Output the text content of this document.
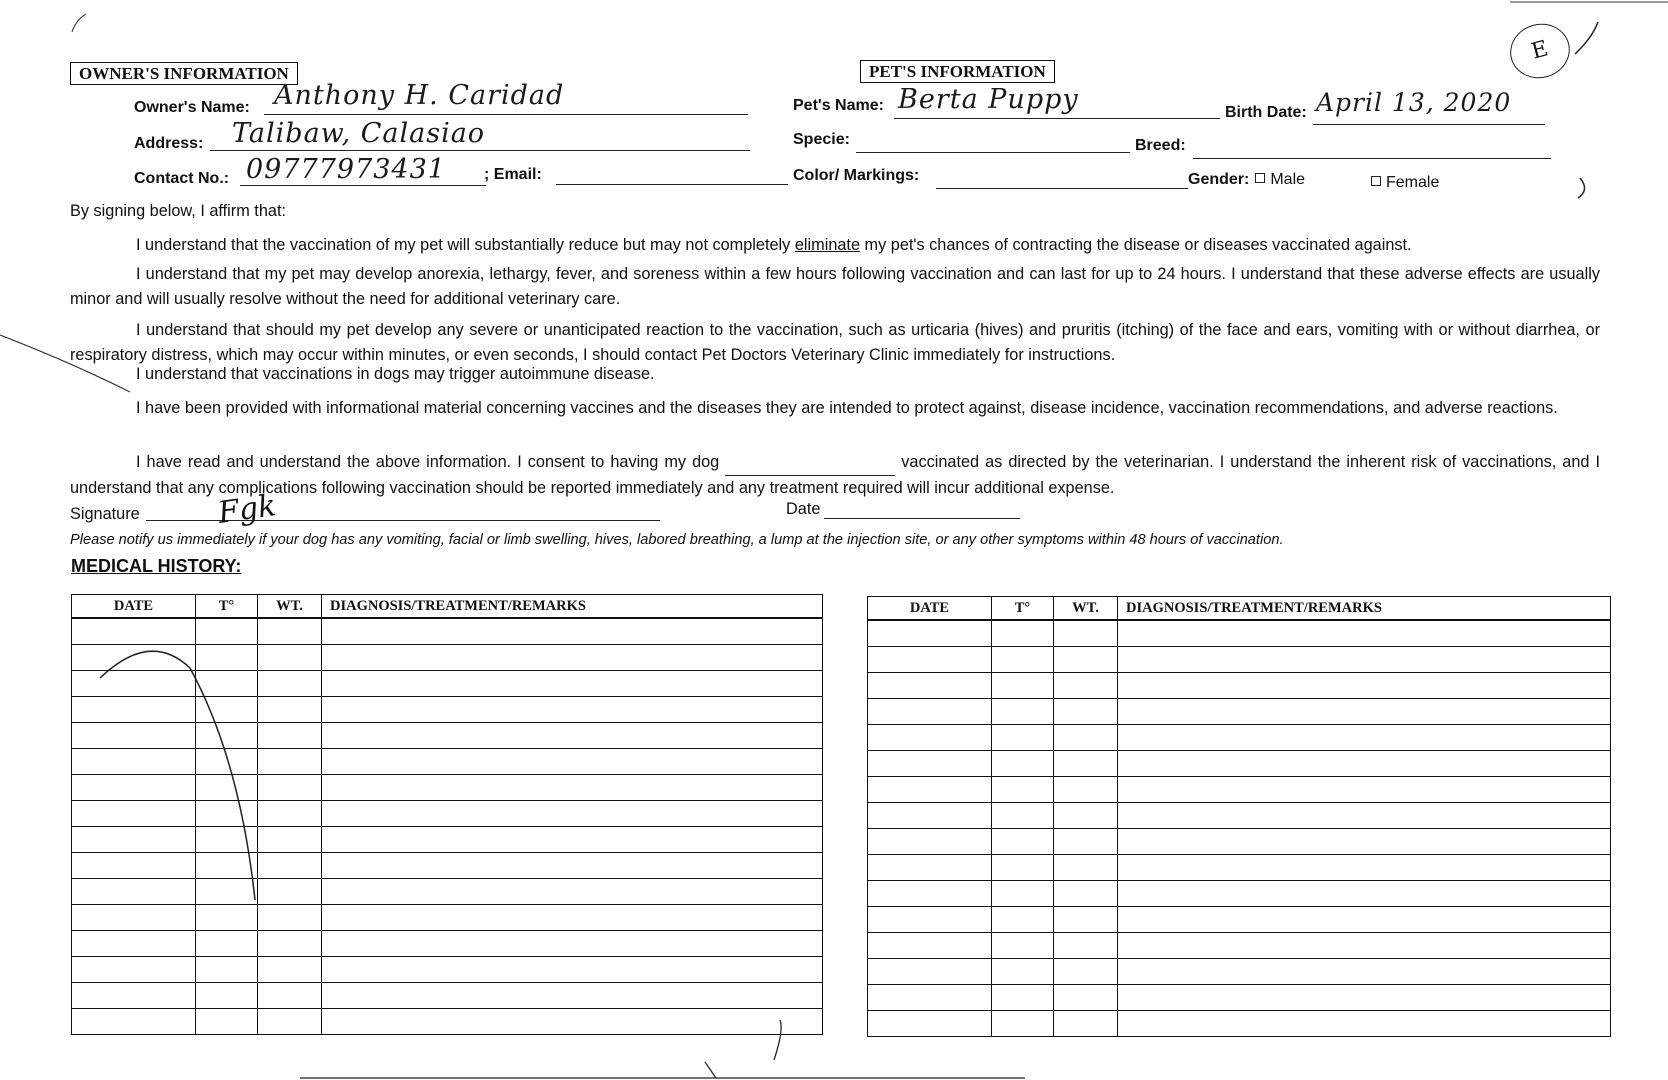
E
OWNER'S INFORMATION
Owner's Name: Anthony H. Caridad
Address: Talibaw, Calasiao
Contact No.: 09777973431 ; Email:
PET'S INFORMATION
Pet's Name: Berta Puppy	Birth Date: April 13, 2020
Specie:	Breed:
Color/ Markings:	Gender: Male	Female
By signing below, I affirm that:
I understand that the vaccination of my pet will substantially reduce but may not completely eliminate my pet's chances of contracting the disease or diseases vaccinated against.
I understand that my pet may develop anorexia, lethargy, fever, and soreness within a few hours following vaccination and can last for up to 24 hours. I understand that these adverse effects are usually minor and will usually resolve without the need for additional veterinary care.
I understand that should my pet develop any severe or unanticipated reaction to the vaccination, such as urticaria (hives) and pruritis (itching) of the face and ears, vomiting with or without diarrhea, or respiratory distress, which may occur within minutes, or even seconds, I should contact Pet Doctors Veterinary Clinic immediately for instructions.
I understand that vaccinations in dogs may trigger autoimmune disease.
I have been provided with informational material concerning vaccines and the diseases they are intended to protect against, disease incidence, vaccination recommendations, and adverse reactions.
I have read and understand the above information. I consent to having my dog	vaccinated as directed by the veterinarian. I understand the inherent risk of vaccinations, and I understand that any complications following vaccination should be reported immediately and any treatment required will incur additional expense.
Signature	Fgk	Date
Please notify us immediately if your dog has any vomiting, facial or limb swelling, hives, labored breathing, a lump at the injection site, or any other symptoms within 48 hours of vaccination.
MEDICAL HISTORY:
DATE	T°	WT.	DIAGNOSIS/TREATMENT/REMARKS

				DATE	T°	WT.	DIAGNOSIS/TREATMENT/REMARKS
